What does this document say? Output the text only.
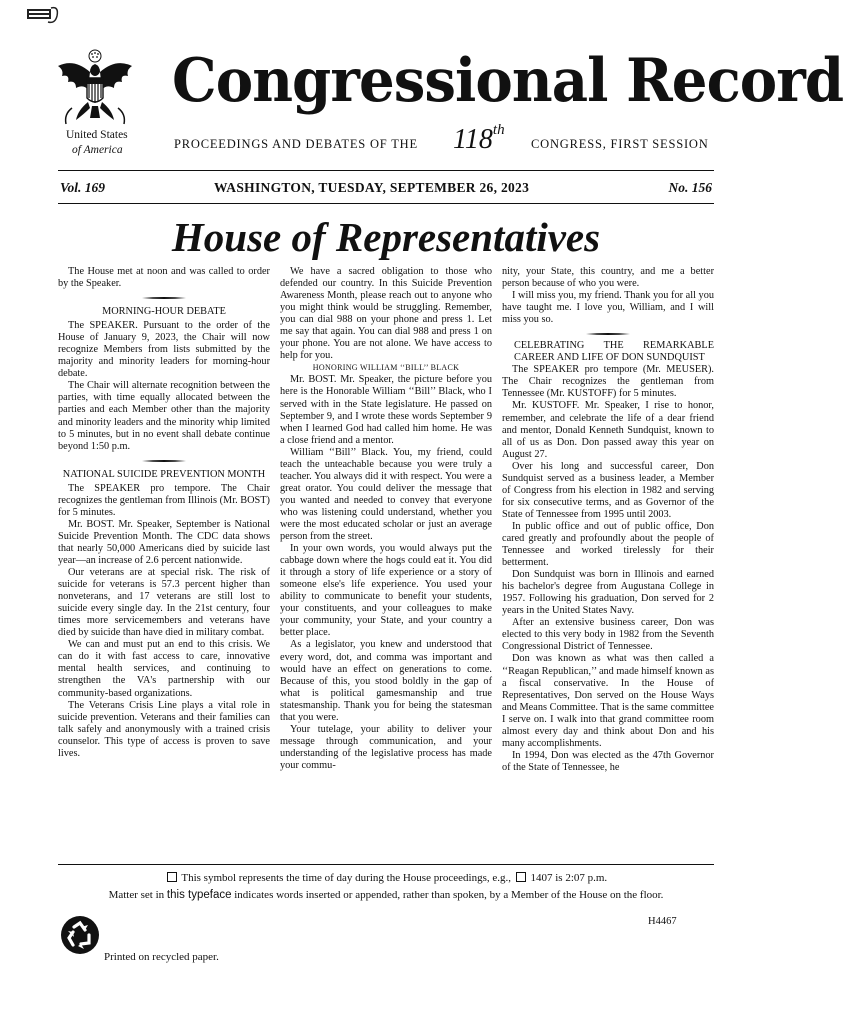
Congressional Record
United States
of America	PROCEEDINGS AND DEBATES OF THE 118th
CONGRESS, FIRST SESSION
Vol. 169	WASHINGTON, TUESDAY, SEPTEMBER 26, 2023	No. 156
House of Representatives

The House met at noon and was called to order by the Speaker.

MORNING-HOUR DEBATE

The SPEAKER. Pursuant to the order of the House of January 9, 2023, the Chair will now recognize Members from lists submitted by the majority and minority leaders for morning-hour debate.

The Chair will alternate recognition between the parties, with time equally allocated between the parties and each Member other than the majority and minority leaders and the minority whip limited to 5 minutes, but in no event shall debate continue beyond 1:50 p.m.

NATIONAL SUICIDE PREVENTION MONTH

The SPEAKER pro tempore. The Chair recognizes the gentleman from Illinois (Mr. BOST) for 5 minutes.

Mr. BOST. Mr. Speaker, September is National Suicide Prevention Month. The CDC data shows that nearly 50,000 Americans died by suicide last year—an increase of 2.6 percent nationwide.

Our veterans are at special risk. The risk of suicide for veterans is 57.3 percent higher than nonveterans, and 17 veterans are still lost to suicide every single day. In the 21st century, four times more servicemembers and veterans have died by suicide than have died in military combat.

We can and must put an end to this crisis. We can do it with fast access to care, innovative mental health services, and continuing to strengthen the VA's partnership with our community-based organizations.

The Veterans Crisis Line plays a vital role in suicide prevention. Veterans and their families can talk safely and anonymously with a trained crisis counselor. This type of access is proven to save lives.

We have a sacred obligation to those who defended our country. In this Suicide Prevention Awareness Month, please reach out to anyone who you might think would be struggling. Remember, you can dial 988 on your phone and press 1. Let me say that again. You can dial 988 and press 1 on your phone. You are not alone. We have access to help for you.

HONORING WILLIAM ‘‘BILL’’ BLACK

Mr. BOST. Mr. Speaker, the picture before you here is the Honorable William ‘‘Bill’’ Black, who I served with in the State legislature. He passed on September 9, and I wrote these words September 9 when I learned God had called him home. He was a close friend and a mentor.

William ‘‘Bill’’ Black. You, my friend, could teach the unteachable because you were truly a teacher. You always did it with respect. You were a great orator. You could deliver the message that you wanted and needed to convey that everyone who was listening could understand, whether you were the most educated scholar or just an average person from the street.

In your own words, you would always put the cabbage down where the hogs could eat it. You did it through a story of life experience or a story of someone else's life experience. You used your ability to communicate to benefit your students, your constituents, and your colleagues to make your community, your State, and your country a better place.

As a legislator, you knew and understood that every word, dot, and comma was important and would have an effect on generations to come. Because of this, you stood boldly in the gap of what is political gamesmanship and true statesmanship. Thank you for being the statesman that you were.

Your tutelage, your ability to deliver your message through communication, and your understanding of the legislative process has made your commu-

nity, your State, this country, and me a better person because of who you were.

I will miss you, my friend. Thank you for all you have taught me. I love you, William, and I will miss you so.

CELEBRATING THE REMARKABLE CAREER AND LIFE OF DON SUNDQUIST

The SPEAKER pro tempore (Mr. MEUSER). The Chair recognizes the gentleman from Tennessee (Mr. KUSTOFF) for 5 minutes.

Mr. KUSTOFF. Mr. Speaker, I rise to honor, remember, and celebrate the life of a dear friend and mentor, Donald Kenneth Sundquist, known to all of us as Don. Don passed away this year on August 27.

Over his long and successful career, Don Sundquist served as a business leader, a Member of Congress from his election in 1982 and serving for six consecutive terms, and as Governor of the State of Tennessee from 1995 until 2003.

In public office and out of public office, Don cared greatly and profoundly about the people of Tennessee and worked tirelessly for their betterment.

Don Sundquist was born in Illinois and earned his bachelor's degree from Augustana College in 1957. Following his graduation, Don served for 2 years in the United States Navy.

After an extensive business career, Don was elected to this very body in 1982 from the Seventh Congressional District of Tennessee.

Don was known as what was then called a ‘‘Reagan Republican,’’ and made himself known as a fiscal conservative. In the House of Representatives, Don served on the House Ways and Means Committee. That is the same committee I serve on. I walk into that grand committee room almost every day and think about Don and his many accomplishments.

In 1994, Don was elected as the 47th Governor of the State of Tennessee, he

This symbol represents the time of day during the House proceedings, e.g., 1407 is 2:07 p.m.
Matter set in this typeface indicates words inserted or appended, rather than spoken, by a Member of the House on the floor.
H4467
Printed on recycled paper.
